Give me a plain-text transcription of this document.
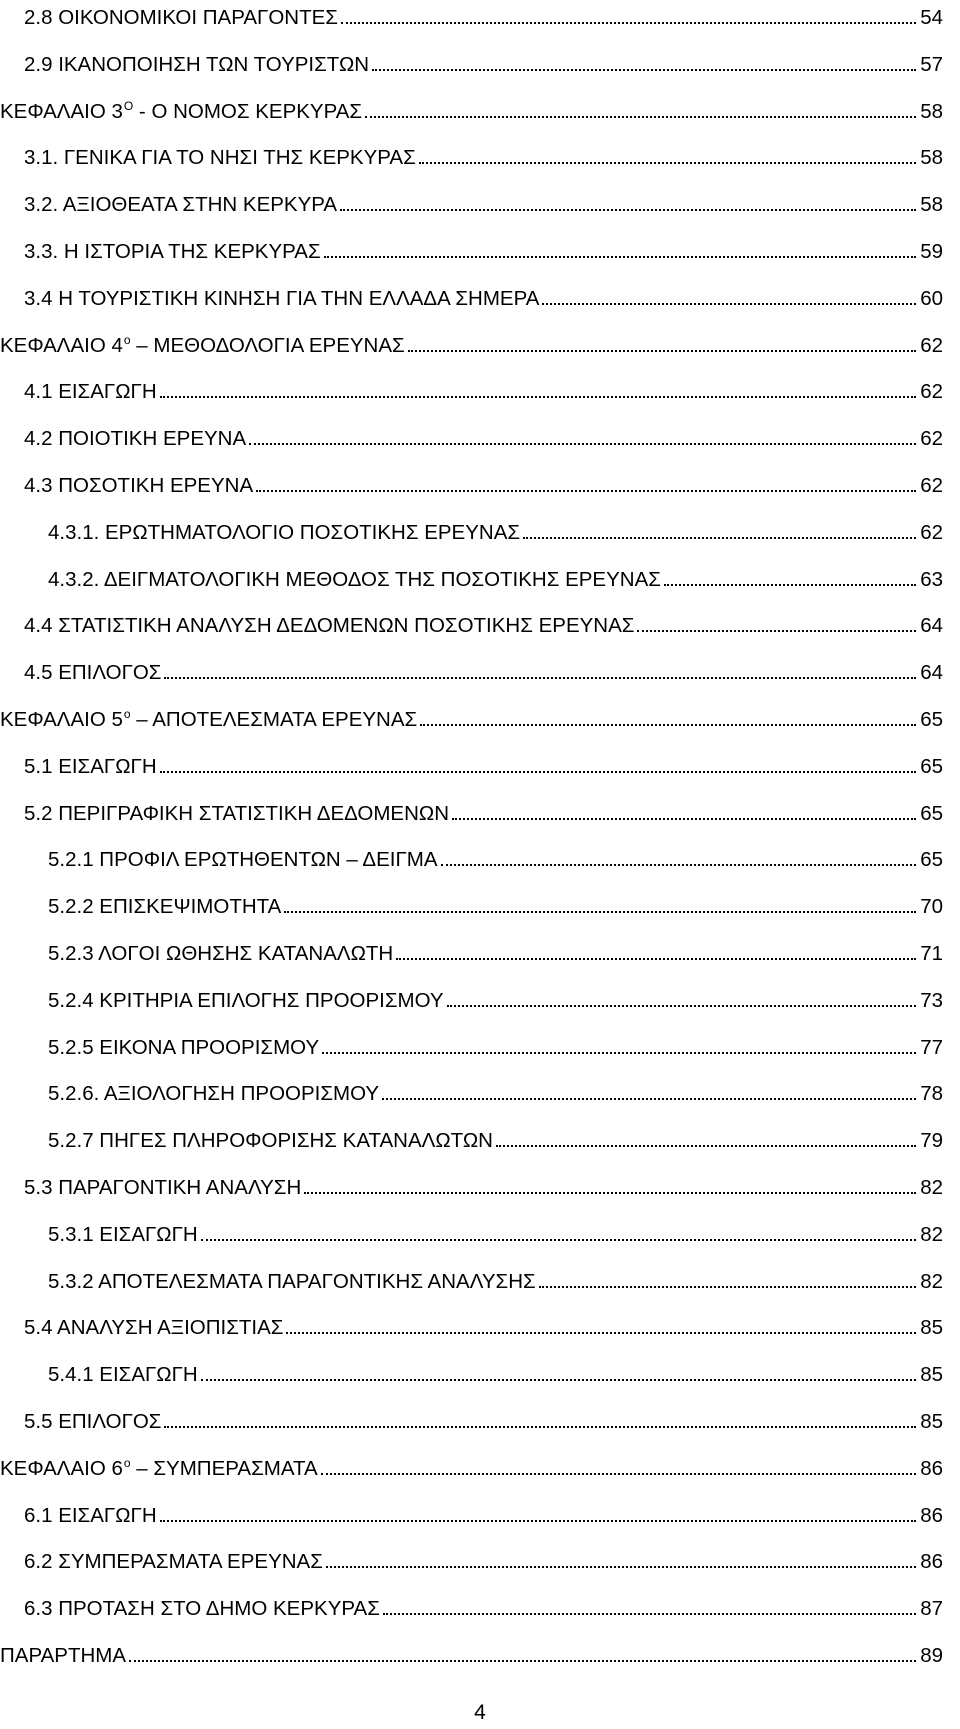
2.8 ΟΙΚΟΝΟΜΙΚΟΙ ΠΑΡΑΓΟΝΤΕΣ	54
2.9 ΙΚΑΝΟΠΟΙΗΣΗ ΤΩΝ ΤΟΥΡΙΣΤΩΝ	57
ΚΕΦΑΛΑΙΟ $3^O$ - Ο ΝΟΜΟΣ ΚΕΡΚΥΡΑΣ	58
3.1. ΓΕΝΙΚΑ ΓΙΑ ΤΟ ΝΗΣΙ ΤΗΣ ΚΕΡΚΥΡΑΣ	58
3.2. ΑΞΙΟΘΕΑΤΑ ΣΤΗΝ ΚΕΡΚΥΡΑ	58
3.3. Η ΙΣΤΟΡΙΑ ΤΗΣ ΚΕΡΚΥΡΑΣ	59
3.4 Η ΤΟΥΡΙΣΤΙΚΗ ΚΙΝΗΣΗ ΓΙΑ ΤΗΝ ΕΛΛΑΔΑ ΣΗΜΕΡΑ	60
ΚΕΦΑΛΑΙΟ $4^o$ – ΜΕΘΟΔΟΛΟΓΙΑ ΕΡΕΥΝΑΣ	62
4.1 ΕΙΣΑΓΩΓΗ	62
4.2 ΠΟΙΟΤΙΚΗ ΕΡΕΥΝΑ	62
4.3 ΠΟΣΟΤΙΚΗ ΕΡΕΥΝΑ	62
4.3.1. ΕΡΩΤΗΜΑΤΟΛΟΓΙΟ ΠΟΣΟΤΙΚΗΣ ΕΡΕΥΝΑΣ	62
4.3.2. ΔΕΙΓΜΑΤΟΛΟΓΙΚΗ ΜΕΘΟΔΟΣ ΤΗΣ ΠΟΣΟΤΙΚΗΣ ΕΡΕΥΝΑΣ	63
4.4 ΣΤΑΤΙΣΤΙΚΗ ΑΝΑΛΥΣΗ ΔΕΔΟΜΕΝΩΝ ΠΟΣΟΤΙΚΗΣ ΕΡΕΥΝΑΣ	64
4.5 ΕΠΙΛΟΓΟΣ	64
ΚΕΦΑΛΑΙΟ $5^o$ – ΑΠΟΤΕΛΕΣΜΑΤΑ ΕΡΕΥΝΑΣ	65
5.1 ΕΙΣΑΓΩΓΗ	65
5.2 ΠΕΡΙΓΡΑΦΙΚΗ ΣΤΑΤΙΣΤΙΚΗ ΔΕΔΟΜΕΝΩΝ	65
5.2.1 ΠΡΟΦΙΛ ΕΡΩΤΗΘΕΝΤΩΝ – ΔΕΙΓΜΑ	65
5.2.2 ΕΠΙΣΚΕΨΙΜΟΤΗΤΑ	70
5.2.3 ΛΟΓΟΙ ΩΘΗΣΗΣ ΚΑΤΑΝΑΛΩΤΗ	71
5.2.4 ΚΡΙΤΗΡΙΑ ΕΠΙΛΟΓΗΣ ΠΡΟΟΡΙΣΜΟΥ	73
5.2.5 ΕΙΚΟΝΑ ΠΡΟΟΡΙΣΜΟΥ	77
5.2.6. ΑΞΙΟΛΟΓΗΣΗ ΠΡΟΟΡΙΣΜΟΥ	78
5.2.7 ΠΗΓΕΣ ΠΛΗΡΟΦΟΡΙΣΗΣ ΚΑΤΑΝΑΛΩΤΩΝ	79
5.3 ΠΑΡΑΓΟΝΤΙΚΗ ΑΝΑΛΥΣΗ	82
5.3.1 ΕΙΣΑΓΩΓΗ	82
5.3.2 ΑΠΟΤΕΛΕΣΜΑΤΑ ΠΑΡΑΓΟΝΤΙΚΗΣ ΑΝΑΛΥΣΗΣ	82
5.4 ΑΝΑΛΥΣΗ ΑΞΙΟΠΙΣΤΙΑΣ	85
5.4.1 ΕΙΣΑΓΩΓΗ	85
5.5 ΕΠΙΛΟΓΟΣ	85
ΚΕΦΑΛΑΙΟ $6^o$ – ΣΥΜΠΕΡΑΣΜΑΤΑ	86
6.1 ΕΙΣΑΓΩΓΗ	86
6.2 ΣΥΜΠΕΡΑΣΜΑΤΑ ΕΡΕΥΝΑΣ	86
6.3 ΠΡΟΤΑΣΗ ΣΤΟ ΔΗΜΟ ΚΕΡΚΥΡΑΣ	87
ΠΑΡΑΡΤΗΜΑ	89
4
